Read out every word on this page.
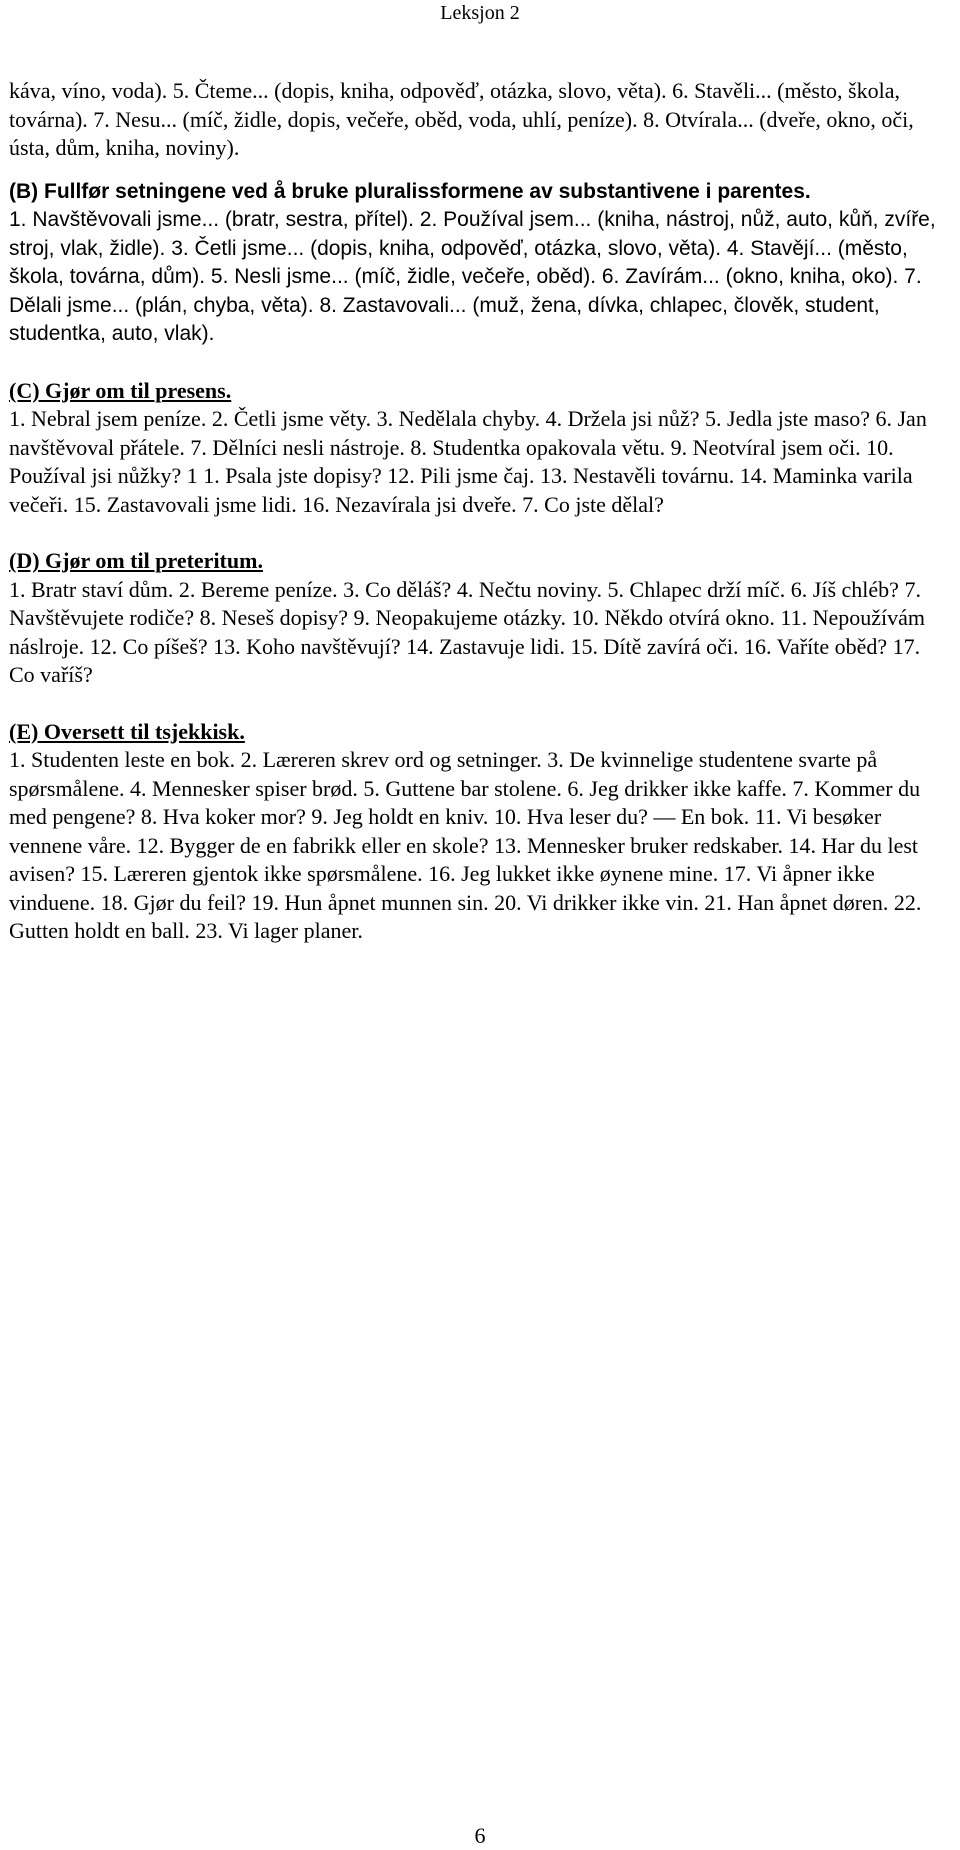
Leksjon 2

káva, víno, voda). 5. Čteme... (dopis, kniha, odpověď, otázka, slovo, věta). 6. Stavěli... (město, škola, továrna). 7. Nesu... (míč, židle, dopis, večeře, oběd, voda, uhlí, peníze). 8. Otvírala... (dveře, okno, oči, ústa, dům, kniha, noviny).

(B) Fullfør setningene ved å bruke pluralissformene av substantivene i parentes.

1. Navštěvovali jsme... (bratr, sestra, přítel). 2. Používal jsem... (kniha, nástroj, nůž, auto, kůň, zvíře, stroj, vlak, židle). 3. Četli jsme... (dopis, kniha, odpověď, otázka, slovo, věta). 4. Stavějí... (město, škola, továrna, dům). 5. Nesli jsme... (míč, židle, večeře, oběd). 6. Zavírám... (okno, kniha, oko). 7. Dělali jsme... (plán, chyba, věta). 8. Zastavovali... (muž, žena, dívka, chlapec, člověk, student, studentka, auto, vlak).

(C) Gjør om til presens.

1. Nebral jsem peníze. 2. Četli jsme věty. 3. Nedělala chyby. 4. Držela jsi nůž? 5. Jedla jste maso? 6. Jan navštěvoval přátele. 7. Dělníci nesli nástroje. 8. Studentka opakovala větu. 9. Neotvíral jsem oči. 10. Používal jsi nůžky? 1 1. Psala jste dopisy? 12. Pili jsme čaj. 13. Nestavěli továrnu. 14. Maminka varila večeři. 15. Zastavovali jsme lidi. 16. Nezavírala jsi dveře. 7. Co jste dělal?

(D) Gjør om til preteritum.

1. Bratr staví dům. 2. Bereme peníze. 3. Co děláš? 4. Nečtu noviny. 5. Chlapec drží míč. 6. Jíš chléb? 7. Navštěvujete rodiče? 8. Neseš dopisy? 9. Neopakujeme otázky. 10. Někdo otvírá okno. 11. Nepoužívám náslroje. 12. Co píšeš? 13. Koho navštěvují? 14. Zastavuje lidi. 15. Dítě zavírá oči. 16. Vaříte oběd? 17. Co vaříš?

(E) Oversett til tsjekkisk.

1. Studenten leste en bok. 2. Læreren skrev ord og setninger. 3. De kvinnelige studentene svarte på spørsmålene. 4. Mennesker spiser brød. 5. Guttene bar stolene. 6. Jeg drikker ikke kaffe. 7. Kommer du med pengene? 8. Hva koker mor? 9. Jeg holdt en kniv. 10. Hva leser du? — En bok. 11. Vi besøker vennene våre. 12. Bygger de en fabrikk eller en skole? 13. Mennesker bruker redskaber. 14. Har du lest avisen? 15. Læreren gjentok ikke spørsmålene. 16. Jeg lukket ikke øynene mine. 17. Vi åpner ikke vinduene. 18. Gjør du feil? 19. Hun åpnet munnen sin. 20. Vi drikker ikke vin. 21. Han åpnet døren. 22. Gutten holdt en ball. 23. Vi lager planer.

6
